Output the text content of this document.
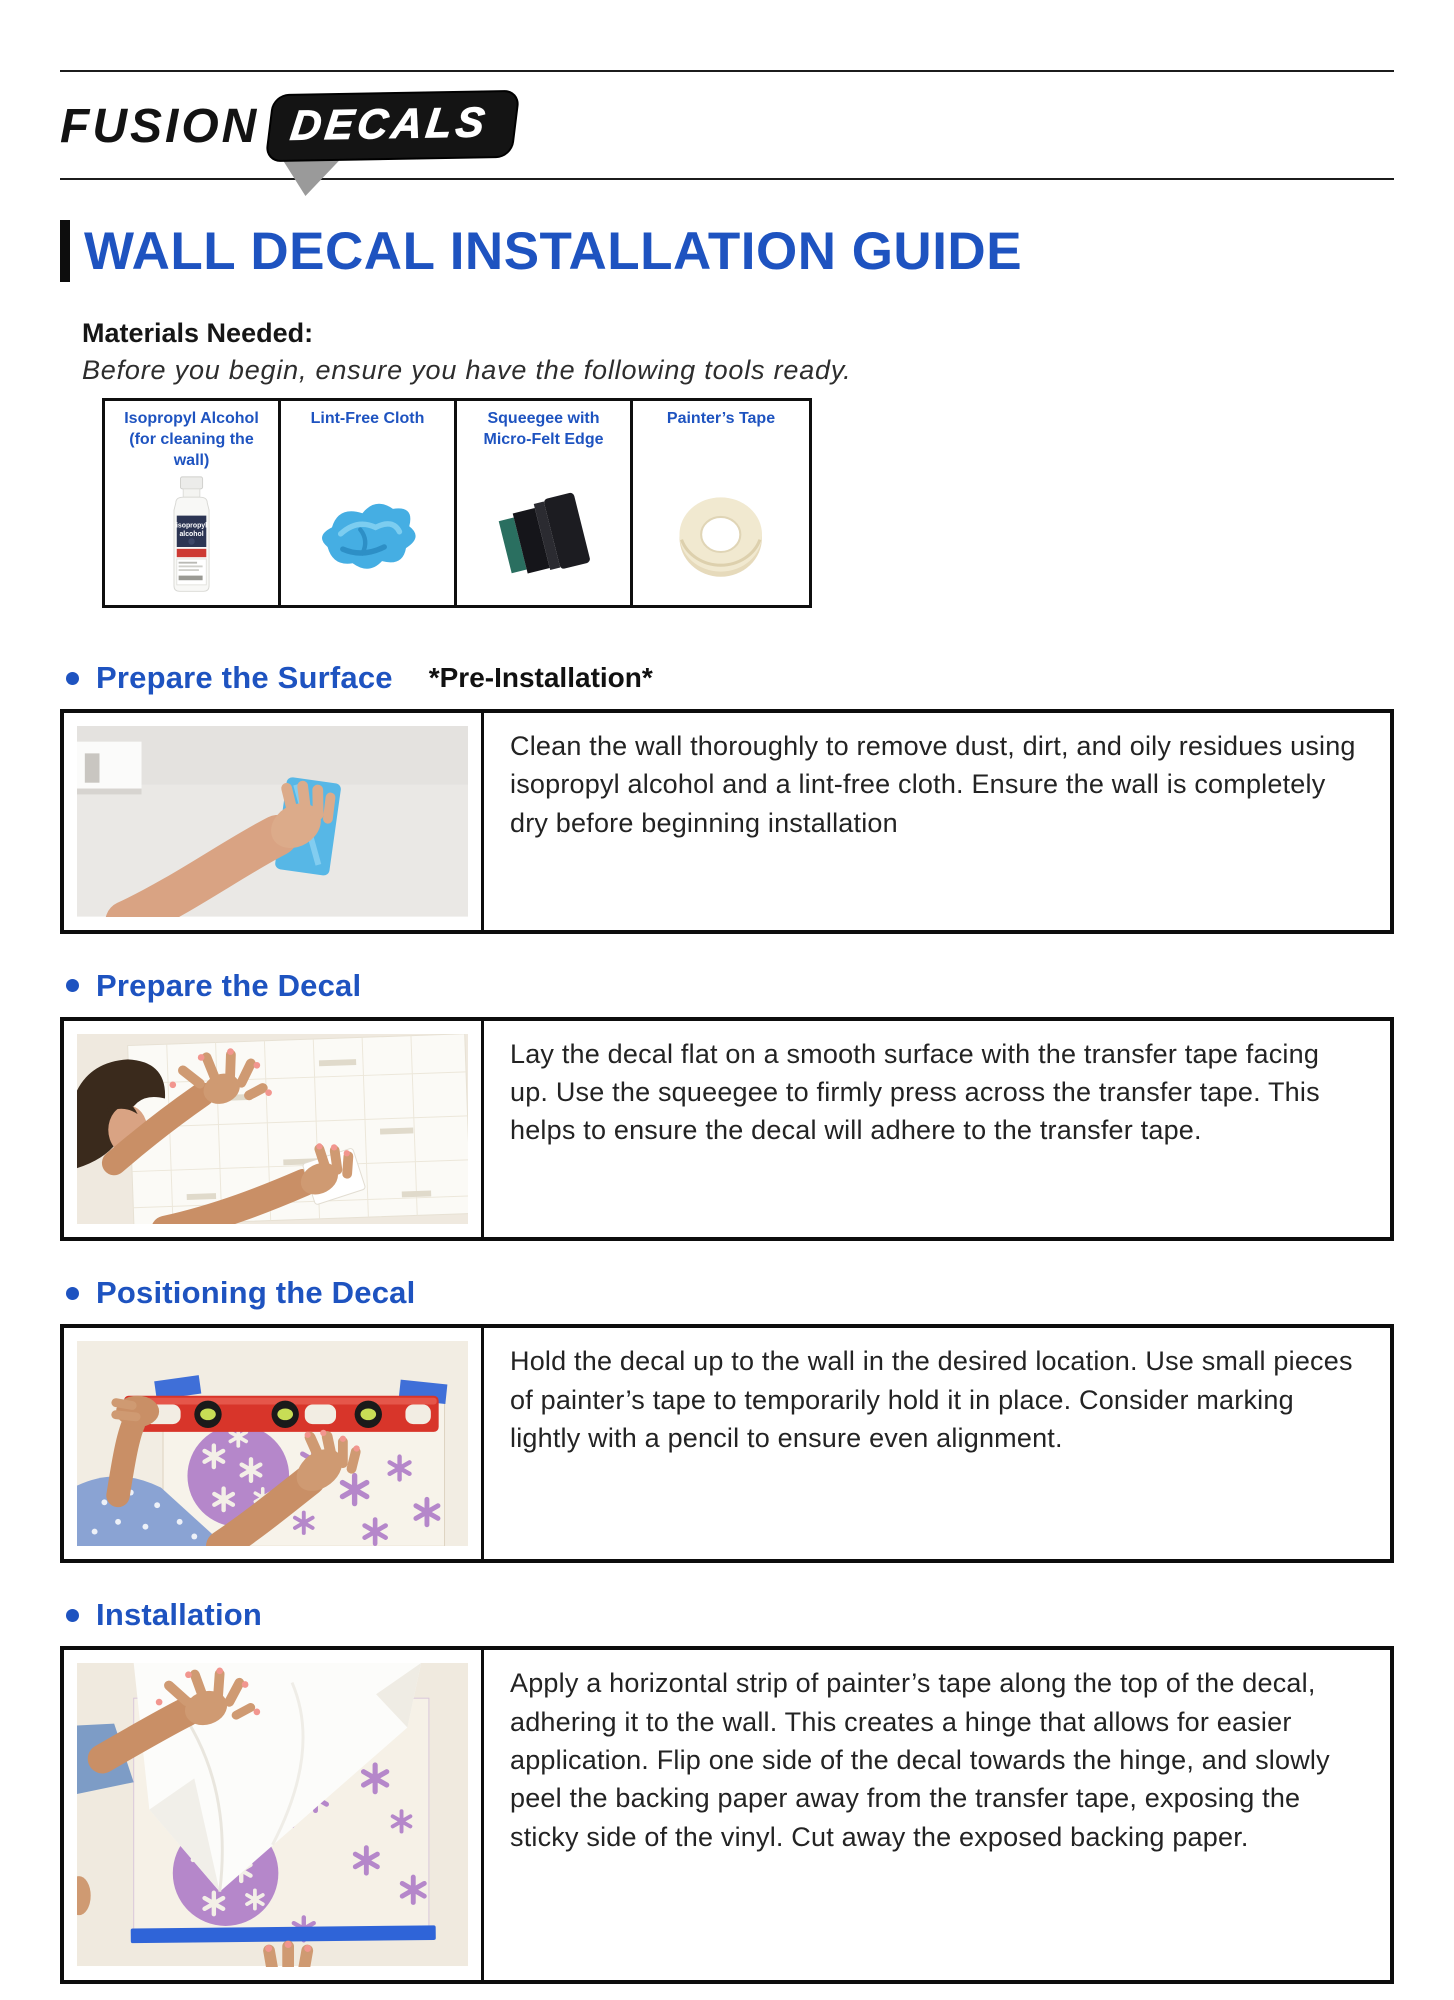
FUSION DECALS
WALL DECAL INSTALLATION GUIDE
Materials Needed:

Before you begin, ensure you have the following tools ready.

Isopropyl Alcohol (for cleaning the wall)
isopropyl
alcohol
Lint-Free Cloth	Squeegee with Micro-Felt Edge
Painter’s Tape
Prepare the Surface *Pre-Installation*
Clean the wall thoroughly to remove dust, dirt, and oily residues using isopropyl alcohol and a lint-free cloth. Ensure the wall is completely dry before beginning installation
Prepare the Decal
Lay the decal flat on a smooth surface with the transfer tape facing up. Use the squeegee to firmly press across the transfer tape. This helps to ensure the decal will adhere to the transfer tape.
Positioning the Decal
Hold the decal up to the wall in the desired location. Use small pieces of painter’s tape to temporarily hold it in place. Consider marking lightly with a pencil to ensure even alignment.
Installation
Apply a horizontal strip of painter’s tape along the top of the decal, adhering it to the wall. This creates a hinge that allows for easier application. Flip one side of the decal towards the hinge, and slowly peel the backing paper away from the transfer tape, exposing the sticky side of the vinyl. Cut away the exposed backing paper.
